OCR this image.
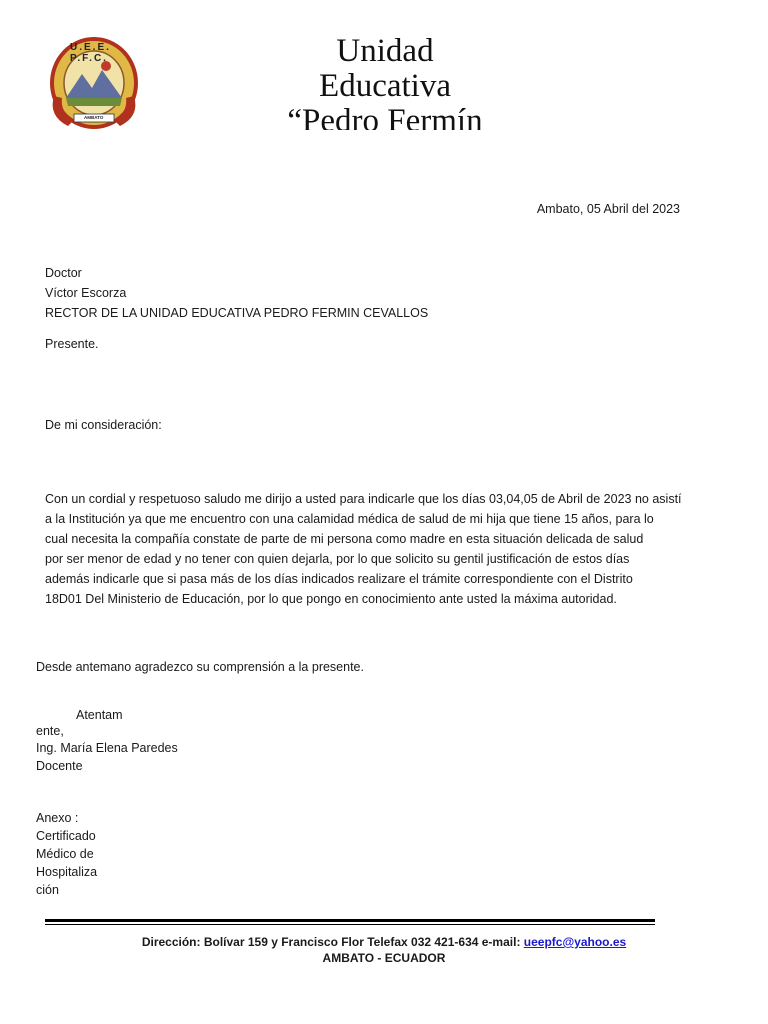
U.E.E. P.F.C.
AMBATO
Unidad
Educativa
“Pedro Fermín
Ambato, 05 Abril del 2023
Doctor
Víctor Escorza
RECTOR DE LA UNIDAD EDUCATIVA PEDRO FERMIN CEVALLOS
Presente.
De mi consideración:
Con un cordial y respetuoso saludo me dirijo a usted para indicarle que los días 03,04,05 de Abril de 2023 no asistí
a la Institución ya que me encuentro con una calamidad médica de salud de mi hija que tiene 15 años, para lo
cual necesita la compañía constate de parte de mi persona como madre en esta situación delicada de salud
por ser menor de edad y no tener con quien dejarla, por lo que solicito su gentil justificación de estos días
además indicarle que si pasa más de los días indicados realizare el trámite correspondiente con el Distrito
18D01 Del Ministerio de Educación, por lo que pongo en conocimiento ante usted la máxima autoridad.
Desde antemano agradezco su comprensión a la presente.
Atentam
ente,
Ing. María Elena Paredes
Docente
Anexo :
Certificado Médico de Hospitalización
Dirección: Bolívar 159 y Francisco Flor Telefax 032 421-634 e-mail: ueepfc@yahoo.es
AMBATO - ECUADOR
